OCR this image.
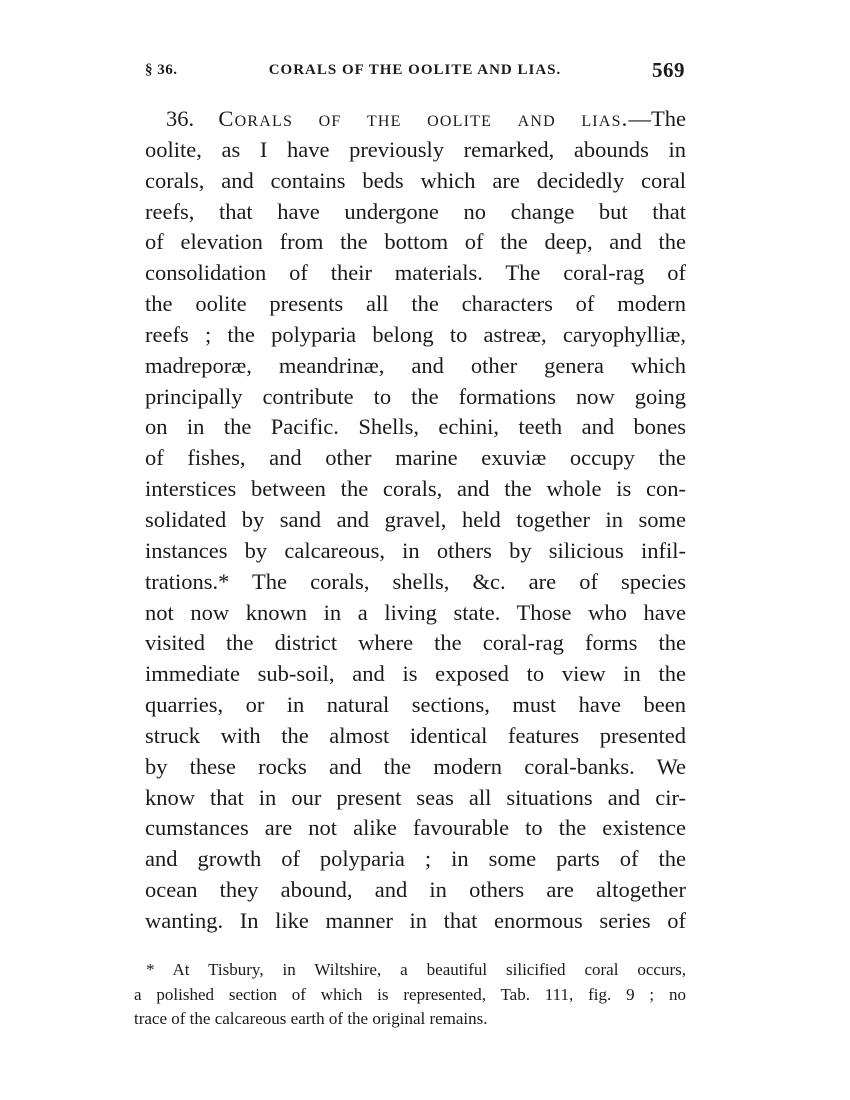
§ 36.	CORALS OF THE OOLITE AND LIAS.	569
36. Corals of the oolite and lias.—The
oolite, as I have previously remarked, abounds in
corals, and contains beds which are decidedly coral
reefs, that have undergone no change but that
of elevation from the bottom of the deep, and the
consolidation of their materials. The coral-rag of
the oolite presents all the characters of modern
reefs ; the polyparia belong to astreæ, caryophylliæ,
madreporæ, meandrinæ, and other genera which
principally contribute to the formations now going
on in the Pacific. Shells, echini, teeth and bones
of fishes, and other marine exuviæ occupy the
interstices between the corals, and the whole is con-
solidated by sand and gravel, held together in some
instances by calcareous, in others by silicious infil-
trations.* The corals, shells, &c. are of species
not now known in a living state. Those who have
visited the district where the coral-rag forms the
immediate sub-soil, and is exposed to view in the
quarries, or in natural sections, must have been
struck with the almost identical features presented
by these rocks and the modern coral-banks. We
know that in our present seas all situations and cir-
cumstances are not alike favourable to the existence
and growth of polyparia ; in some parts of the
ocean they abound, and in others are altogether
wanting. In like manner in that enormous series of
* At Tisbury, in Wiltshire, a beautiful silicified coral occurs,
a polished section of which is represented, Tab. 111, fig. 9 ; no
trace of the calcareous earth of the original remains.
